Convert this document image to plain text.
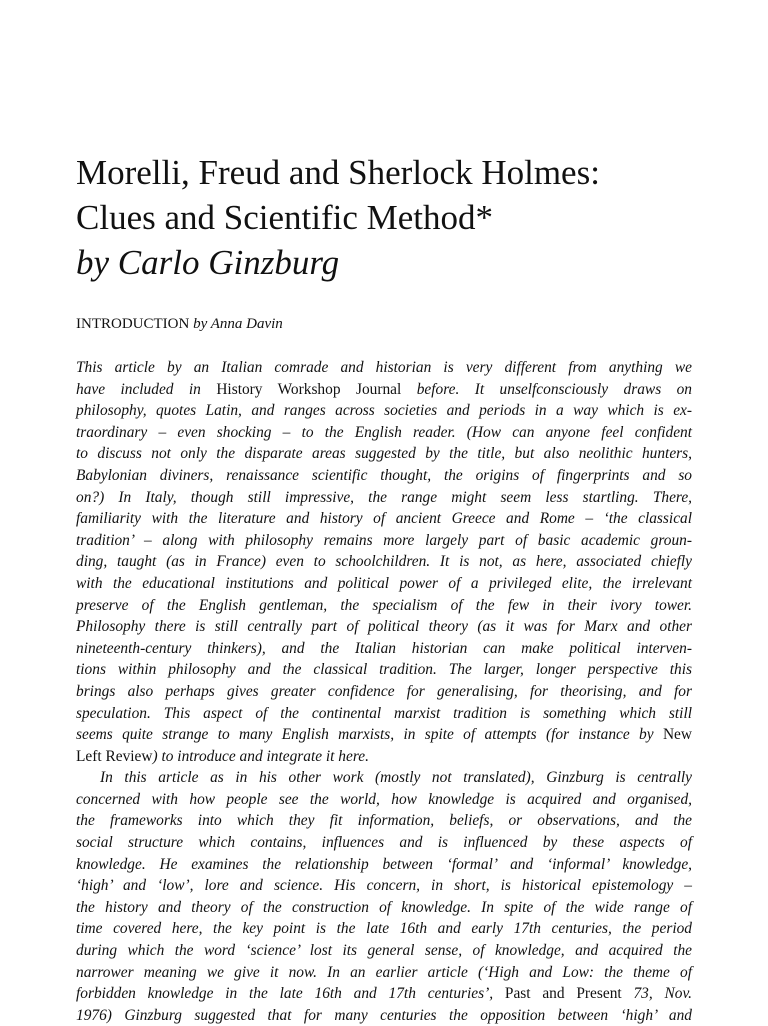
Morelli, Freud and Sherlock Holmes:
Clues and Scientific Method*
by Carlo Ginzburg
INTRODUCTION by Anna Davin
This article by an Italian comrade and historian is very different from anything we
have included in History Workshop Journal before. It unselfconsciously draws on
philosophy, quotes Latin, and ranges across societies and periods in a way which is ex-
traordinary – even shocking – to the English reader. (How can anyone feel confident
to discuss not only the disparate areas suggested by the title, but also neolithic hunters,
Babylonian diviners, renaissance scientific thought, the origins of fingerprints and so
on?) In Italy, though still impressive, the range might seem less startling. There,
familiarity with the literature and history of ancient Greece and Rome – ‘the classical
tradition’ – along with philosophy remains more largely part of basic academic groun-
ding, taught (as in France) even to schoolchildren. It is not, as here, associated chiefly
with the educational institutions and political power of a privileged elite, the irrelevant
preserve of the English gentleman, the specialism of the few in their ivory tower.
Philosophy there is still centrally part of political theory (as it was for Marx and other
nineteenth-century thinkers), and the Italian historian can make political interven-
tions within philosophy and the classical tradition. The larger, longer perspective this
brings also perhaps gives greater confidence for generalising, for theorising, and for
speculation. This aspect of the continental marxist tradition is something which still
seems quite strange to many English marxists, in spite of attempts (for instance by New
Left Review) to introduce and integrate it here.
In this article as in his other work (mostly not translated), Ginzburg is centrally
concerned with how people see the world, how knowledge is acquired and organised,
the frameworks into which they fit information, beliefs, or observations, and the
social structure which contains, influences and is influenced by these aspects of
knowledge. He examines the relationship between ‘formal’ and ‘informal’ knowledge,
‘high’ and ‘low’, lore and science. His concern, in short, is historical epistemology –
the history and theory of the construction of knowledge. In spite of the wide range of
time covered here, the key point is the late 16th and early 17th centuries, the period
during which the word ‘science’ lost its general sense, of knowledge, and acquired the
narrower meaning we give it now. In an earlier article (‘High and Low: the theme of
forbidden knowledge in the late 16th and 17th centuries’, Past and Present 73, Nov.
1976) Ginzburg suggested that for many centuries the opposition between ‘high’ and
